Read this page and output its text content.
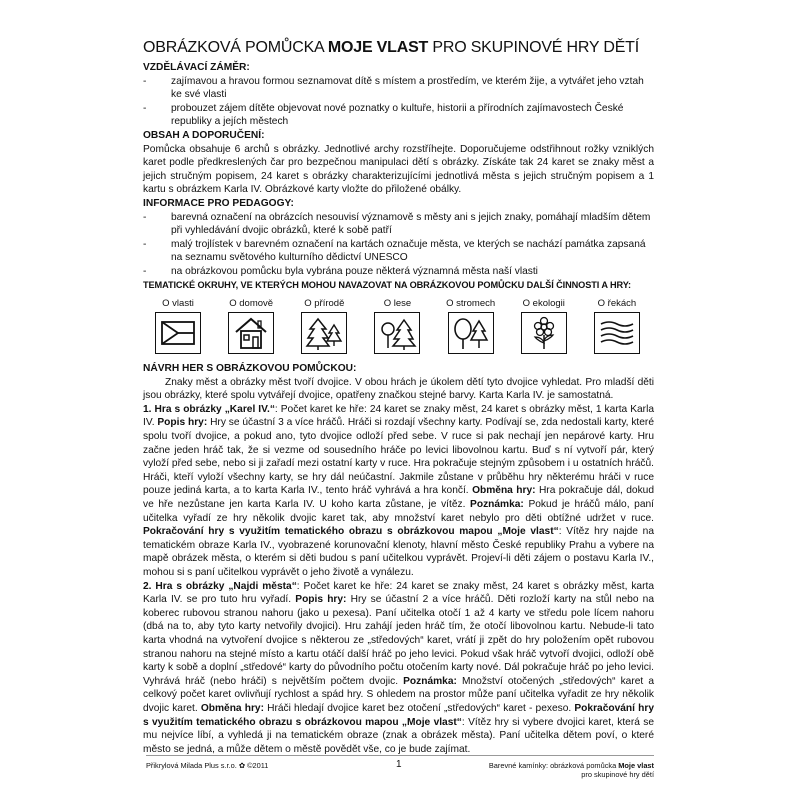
OBRÁZKOVÁ POMŮCKA MOJE VLAST PRO SKUPINOVÉ HRY DĚTÍ
VZDĚLÁVACÍ ZÁMĚR:
-	zajímavou a hravou formou seznamovat dítě s místem a prostředím, ve kterém žije, a vytvářet jeho vztah ke své vlasti
-	probouzet zájem dítěte objevovat nové poznatky o kultuře, historii a přírodních zajímavostech České republiky a jejích městech
OBSAH A DOPORUČENÍ:

Pomůcka obsahuje 6 archů s obrázky. Jednotlivé archy rozstříhejte. Doporučujeme odstřihnout rožky vzniklých karet podle předkreslených čar pro bezpečnou manipulaci dětí s obrázky. Získáte tak 24 karet se znaky měst a jejich stručným popisem, 24 karet s obrázky charakterizujícími jednotlivá města s jejich stručným popisem a 1 kartu s obrázkem Karla IV. Obrázkové karty vložte do přiložené obálky.

INFORMACE PRO PEDAGOGY:
-	barevná označení na obrázcích nesouvisí významově s městy ani s jejich znaky, pomáhají mladším dětem při vyhledávání dvojic obrázků, které k sobě patří
-	malý trojlístek v barevném označení na kartách označuje města, ve kterých se nachází památka zapsaná na seznamu světového kulturního dědictví UNESCO
-	na obrázkovou pomůcku byla vybrána pouze některá významná města naší vlasti
TEMATICKÉ OKRUHY, VE KTERÝCH MOHOU NAVAZOVAT NA OBRÁZKOVOU POMŮCKU DALŠÍ ČINNOSTI A HRY:
O vlasti	O domově	O přírodě	O lese	O stromech	O ekologii	O řekách
NÁVRH HER S OBRÁZKOVOU POMŮCKOU:

Znaky měst a obrázky měst tvoří dvojice. V obou hrách je úkolem dětí tyto dvojice vyhledat. Pro mladší děti jsou obrázky, které spolu vytvářejí dvojice, opatřeny značkou stejné barvy. Karta Karla IV. je samostatná.

1. Hra s obrázky „Karel IV.“: Počet karet ke hře: 24 karet se znaky měst, 24 karet s obrázky měst, 1 karta Karla IV. Popis hry: Hry se účastní 3 a více hráčů. Hráči si rozdají všechny karty. Podívají se, zda nedostali karty, které spolu tvoří dvojice, a pokud ano, tyto dvojice odloží před sebe. V ruce si pak nechají jen nepárové karty. Hru začne jeden hráč tak, že si vezme od sousedního hráče po levici libovolnou kartu. Buď s ní vytvoří pár, který vyloží před sebe, nebo si ji zařadí mezi ostatní karty v ruce. Hra pokračuje stejným způsobem i u ostatních hráčů. Hráči, kteří vyloží všechny karty, se hry dál neúčastní. Jakmile zůstane v průběhu hry některému hráči v ruce pouze jediná karta, a to karta Karla IV., tento hráč vyhrává a hra končí. Obměna hry: Hra pokračuje dál, dokud ve hře nezůstane jen karta Karla IV. U koho karta zůstane, je vítěz. Poznámka: Pokud je hráčů málo, paní učitelka vyřadí ze hry několik dvojic karet tak, aby množství karet nebylo pro děti obtížné udržet v ruce. Pokračování hry s využitím tematického obrazu s obrázkovou mapou „Moje vlast“: Vítěz hry najde na tematickém obraze Karla IV., vyobrazené korunovační klenoty, hlavní město České republiky Prahu a vybere na mapě obrázek města, o kterém si děti budou s paní učitelkou vyprávět. Projeví-li děti zájem o postavu Karla IV., mohou si s paní učitelkou vyprávět o jeho životě a vynálezu.

2. Hra s obrázky „Najdi města“: Počet karet ke hře: 24 karet se znaky měst, 24 karet s obrázky měst, karta Karla IV. se pro tuto hru vyřadí. Popis hry: Hry se účastní 2 a více hráčů. Děti rozloží karty na stůl nebo na koberec rubovou stranou nahoru (jako u pexesa). Paní učitelka otočí 1 až 4 karty ve středu pole lícem nahoru (dbá na to, aby tyto karty netvořily dvojici). Hru zahájí jeden hráč tím, že otočí libovolnou kartu. Nebude-li tato karta vhodná na vytvoření dvojice s některou ze „středových“ karet, vrátí ji zpět do hry položením opět rubovou stranou nahoru na stejné místo a kartu otáčí další hráč po jeho levici. Pokud však hráč vytvoří dvojici, odloží obě karty k sobě a doplní „středové“ karty do původního počtu otočením karty nové. Dál pokračuje hráč po jeho levici. Vyhrává hráč (nebo hráči) s největším počtem dvojic. Poznámka: Množství otočených „středových“ karet a celkový počet karet ovlivňují rychlost a spád hry. S ohledem na prostor může paní učitelka vyřadit ze hry několik dvojic karet. Obměna hry: Hráči hledají dvojice karet bez otočení „středových“ karet - pexeso. Pokračování hry s využitím tematického obrazu s obrázkovou mapou „Moje vlast“: Vítěz hry si vybere dvojici karet, která se mu nejvíce líbí, a vyhledá ji na tematickém obraze (znak a obrázek města). Paní učitelka dětem poví, o které město se jedná, a může dětem o městě povědět vše, co je bude zajímat.

Přikrylová Milada Plus s.r.o. ✿ ©2011	1	Barevné kamínky: obrázková pomůcka Moje vlast
pro skupinové hry dětí
